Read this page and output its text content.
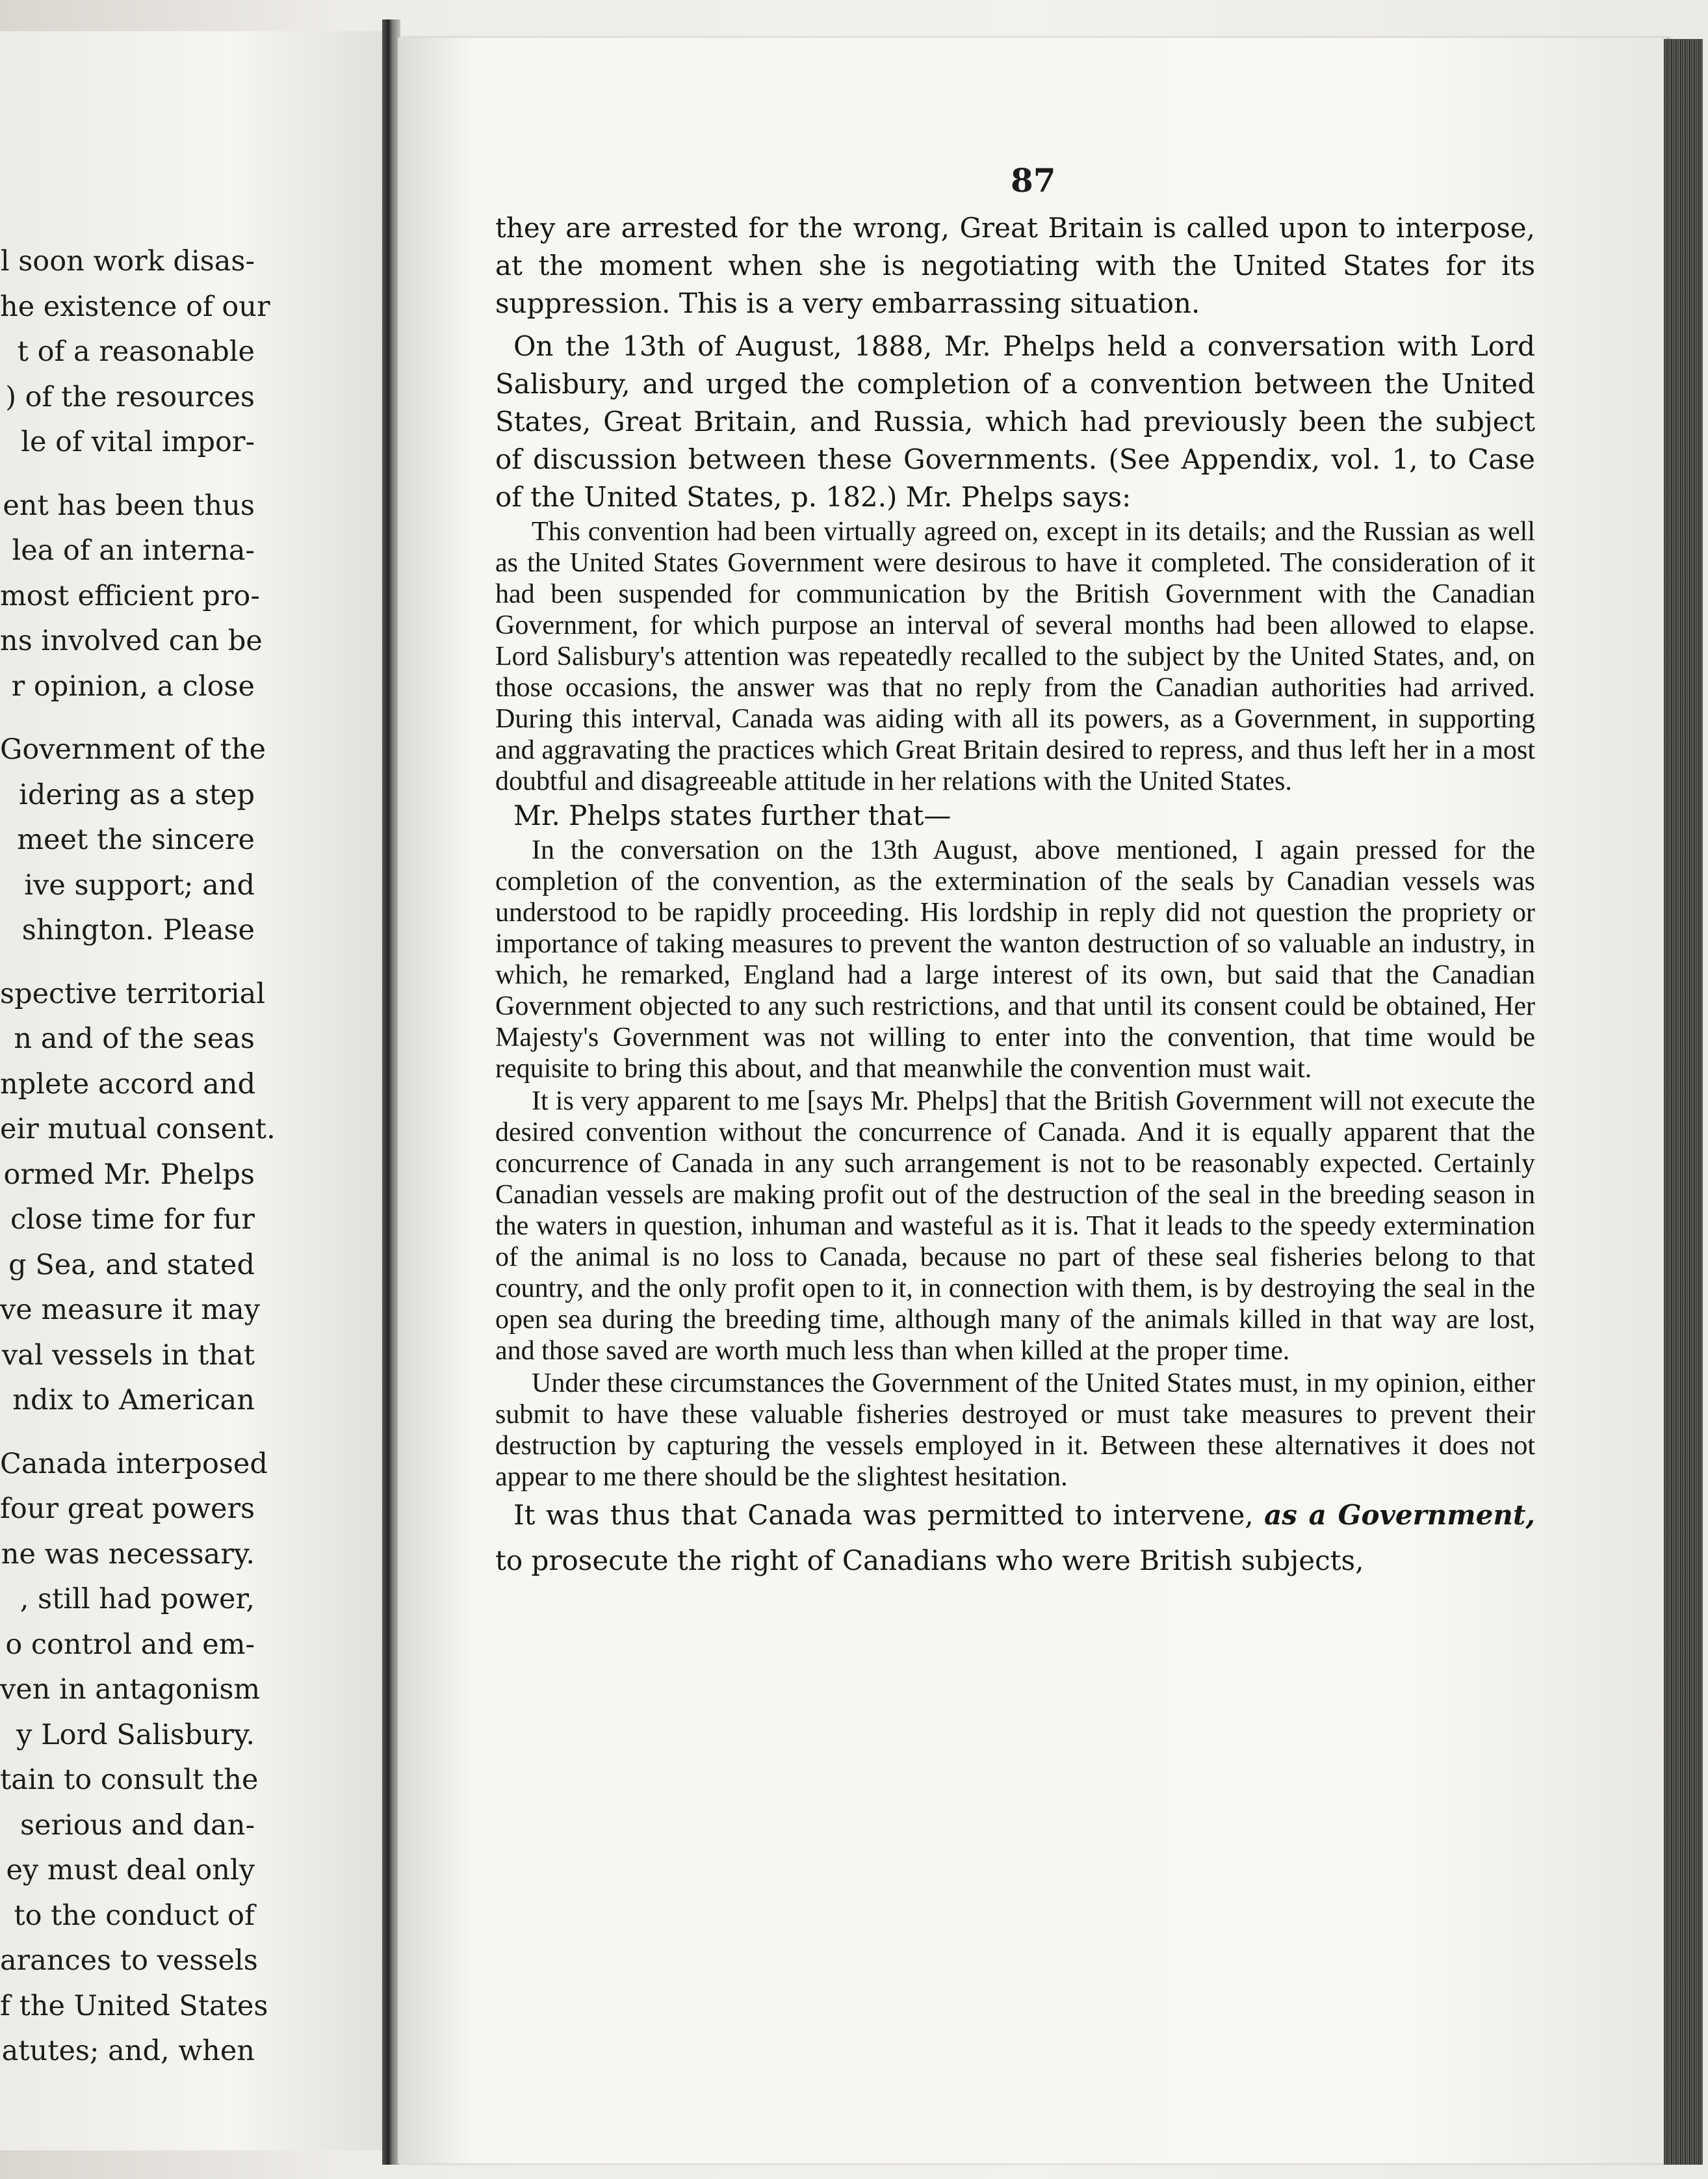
l soon work disas-
he existence of our
t of a reasonable
) of the resources
le of vital impor-
ent has been thus
lea of an interna-
most efficient pro-
ns involved can be
r opinion, a close
Government of the
idering as a step
meet the sincere
ive support; and
shington. Please
spective territorial
n and of the seas
nplete accord and
eir mutual consent.
ormed Mr. Phelps
close time for fur
g Sea, and stated
ve measure it may
val vessels in that
ndix to American
Canada interposed
four great powers
ne was necessary.
, still had power,
o control and em-
ven in antagonism
y Lord Salisbury.
tain to consult the
serious and dan-
ey must deal only
to the conduct of
arances to vessels
f the United States
atutes; and, when
87

they are arrested for the wrong, Great Britain is called upon to interpose, at the moment when she is negotiating with the United States for its suppression. This is a very embarrassing situation.

On the 13th of August, 1888, Mr. Phelps held a conversation with Lord Salisbury, and urged the completion of a convention between the United States, Great Britain, and Russia, which had previously been the subject of discussion between these Governments. (See Appendix, vol. 1, to Case of the United States, p. 182.) Mr. Phelps says:

This convention had been virtually agreed on, except in its details; and the Russian as well as the United States Government were desirous to have it completed. The consideration of it had been suspended for communication by the British Government with the Canadian Government, for which purpose an interval of several months had been allowed to elapse. Lord Salisbury's attention was repeatedly recalled to the subject by the United States, and, on those occasions, the answer was that no reply from the Canadian authorities had arrived. During this interval, Canada was aiding with all its powers, as a Government, in supporting and aggravating the practices which Great Britain desired to repress, and thus left her in a most doubtful and disagreeable attitude in her relations with the United States.

Mr. Phelps states further that—

In the conversation on the 13th August, above mentioned, I again pressed for the completion of the convention, as the extermination of the seals by Canadian vessels was understood to be rapidly proceeding. His lordship in reply did not question the propriety or importance of taking measures to prevent the wanton destruction of so valuable an industry, in which, he remarked, England had a large interest of its own, but said that the Canadian Government objected to any such restrictions, and that until its consent could be obtained, Her Majesty's Government was not willing to enter into the convention, that time would be requisite to bring this about, and that meanwhile the convention must wait.

It is very apparent to me [says Mr. Phelps] that the British Government will not execute the desired convention without the concurrence of Canada. And it is equally apparent that the concurrence of Canada in any such arrangement is not to be reasonably expected. Certainly Canadian vessels are making profit out of the destruction of the seal in the breeding season in the waters in question, inhuman and wasteful as it is. That it leads to the speedy extermination of the animal is no loss to Canada, because no part of these seal fisheries belong to that country, and the only profit open to it, in connection with them, is by destroying the seal in the open sea during the breeding time, although many of the animals killed in that way are lost, and those saved are worth much less than when killed at the proper time.

Under these circumstances the Government of the United States must, in my opinion, either submit to have these valuable fisheries destroyed or must take measures to prevent their destruction by capturing the vessels employed in it. Between these alternatives it does not appear to me there should be the slightest hesitation.

It was thus that Canada was permitted to intervene, as a Government, to prosecute the right of Canadians who were British subjects,
